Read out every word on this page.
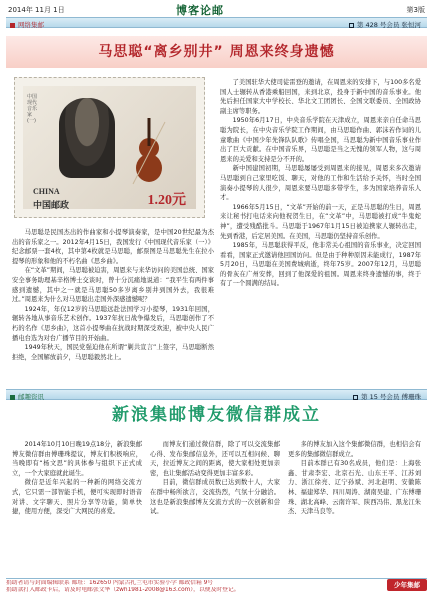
2014年 11月 1日	博客论邮	第3版
网络集邮	第 428 号会员 张恒河
马思聪“离乡别井” 周恩来终身遗憾
中国现代音乐家(一)
CHINA
中国邮政	1.20元

马思聪是民国杰出的作曲家和小提琴演奏家，是中国20世纪最为杰出的音乐家之一。2012年4月15日，我国发行《中国现代音乐家（一）》纪念邮票一套4枚，其中第4枚就是马思聪，邮票图是马思聪先生在拉小提琴的形象和他的不朽名曲《思乡曲》。

在“文革”期间，马思聪被迫害，周恩来与来华访问的美国总统、国家安全事务助理基辛格博士交谈时，曾十分沉痛地说道：“我平生有两件事感到遗憾，其中之一就是马思聪50多岁离乡别井到国外去，我很难过。”周恩来为什么对马思聪出走国外深感遗憾呢？

1924年，年仅12岁的马思聪远赴法国学习小提琴，1931年回国，辗转各地从事音乐艺术创作。1937年抗日战争爆发后，马思聪创作了不朽的名作《思乡曲》，这首小提琴曲在抗战时期深受欢迎，被中央人民广播电台选为对台广播节目的开始曲。

1949年秋天，国民党强迫他在所谓“剿共宣言”上签字，马思聪断然拒绝，全国解放前夕，马思聪毅然北上。

了美国驻华大使司徒雷登的邀请，在周恩来的安排下，与100多名爱国人士辗转从香港乘船回国，来到北京，投身于新中国的音乐事业。他先后担任国家大中学校长、华北文工团团长、全国文联委员、全国政协副主席等职务。

1950年6月17日，中央音乐学院在天津成立，周恩来亲自任命马思聪为院长，在中央音乐学院工作期间，由马思聪作曲、郭沫若作词的儿童歌曲《中国少年先锋队队歌》传唱全国，马思聪为新中国音乐事业作出了巨大贡献。在中国音乐界，马思聪是当之无愧的领军人物，这与周恩来的关爱和支持是分不开的。

新中国建国初期，马思聪屡屡受到周恩来的接见，周恩来多次邀请马思聪到自己家里吃饭、聊天，对他的工作和生活给予关怀，当时全国演奏小提琴的人很少，周恩来要马思聪多带学生，多为国家培养音乐人才。

1966年5月15日，“文革”开始的前一天，正是马思聪的生日，周恩来让秘书打电话来向他祝贺生日，在“文革”中，马思聪被打成“牛鬼蛇神”，遭受残酷批斗。马思聪于1967年1月15日被迫携家人辗转出走，先到香港，后定居美国。在美国，马思聪仍坚持音乐创作。

1985年，马思聪获得平反，他非常关心祖国的音乐事业，决定回国看看，国家正式邀请他回国访问。但是由于种种原因未能成行，1987年5月20日，马思聪在美国费城病逝，终年75岁。2007年12月，马思聪的骨灰在广州安葬，回到了他深爱的祖国。周恩来终身遗憾的事，终于有了一个圆满的结局。

邮趣资讯	第 15 号会员 傅珊珠
新浪集邮博友微信群成立

2014年10月10日晚19点18分，新浪集邮博友微信群由傅珊珠提议，博友们积极响应，当晚即有“杨文思”的具体参与组织下正式成立，一个大家庭就此诞生。

微信是近年兴起的一种新的网络交流方式，它只需一部智能手机，便可实现即时语音对讲、文字聊天、照片分享等功能，简单快捷，使用方便，深受广大网民的喜爱。

而博友们通过微信群，除了可以交流集邮心得、发布集邮信息外，还可以互相问候、聊天，拉近博友之间的距离，使大家相处更加亲密，也让集邮活动变得更加丰富多彩。

目前，微信群成员数已达到数十人，大家在群中畅所欲言，交流热烈，气氛十分融洽。这也是新浪集邮博友交流方式的一次创新和尝试。

多的博友加入这个集邮微信群，也相信会有更多的集邮微信群成立。

目前本群已有30名成员，他们是：上海张鑫、甘肃李宏、北京石光、山东王平、江苏刘力、浙江徐亮、辽宁孙斌、河北赵明、安徽陈林、福建郑华、四川周涛、湖南吴建、广东傅珊珠、湖北高峰、云南许军、陕西冯伟、黑龙江朱杰、天津马良等。

捐助者请与封面编辑联系 邮址：162650 内蒙古扎兰屯市实验小学 邮政信箱 9号
捐助款打入邮政卡后，请及时电邮张文华（zwh1981-2008@163.com），以便及时登记。
少年集邮
